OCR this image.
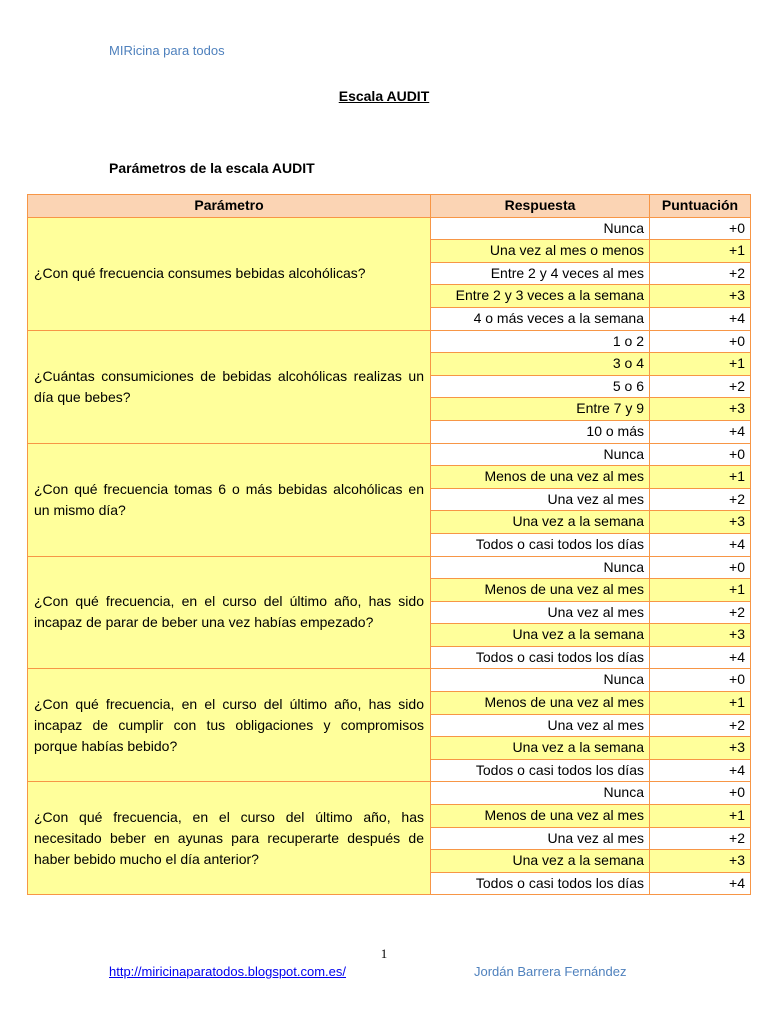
MIRicina para todos
Escala AUDIT
Parámetros de la escala AUDIT
Parámetro	Respuesta	Puntuación
¿Con qué frecuencia consumes bebidas alcohólicas?	Nunca	+0
	Una vez al mes o menos	+1
	Entre 2 y 4 veces al mes	+2
	Entre 2 y 3 veces a la semana	+3
	4 o más veces a la semana	+4
¿Cuántas consumiciones de bebidas alcohólicas realizas un día que bebes?	1 o 2	+0
	3 o 4	+1
	5 o 6	+2
	Entre 7 y 9	+3
	10 o más	+4
¿Con qué frecuencia tomas 6 o más bebidas alcohólicas en un mismo día?	Nunca	+0
	Menos de una vez al mes	+1
	Una vez al mes	+2
	Una vez a la semana	+3
	Todos o casi todos los días	+4
¿Con qué frecuencia, en el curso del último año, has sido incapaz de parar de beber una vez habías empezado?	Nunca	+0
	Menos de una vez al mes	+1
	Una vez al mes	+2
	Una vez a la semana	+3
	Todos o casi todos los días	+4
¿Con qué frecuencia, en el curso del último año, has sido incapaz de cumplir con tus obligaciones y compromisos porque habías bebido?	Nunca	+0
	Menos de una vez al mes	+1
	Una vez al mes	+2
	Una vez a la semana	+3
	Todos o casi todos los días	+4
¿Con qué frecuencia, en el curso del último año, has necesitado beber en ayunas para recuperarte después de haber bebido mucho el día anterior?	Nunca	+0
	Menos de una vez al mes	+1
	Una vez al mes	+2
	Una vez a la semana	+3
	Todos o casi todos los días	+4
1
http://miricinaparatodos.blogspot.com.es/	Jordán Barrera Fernández
